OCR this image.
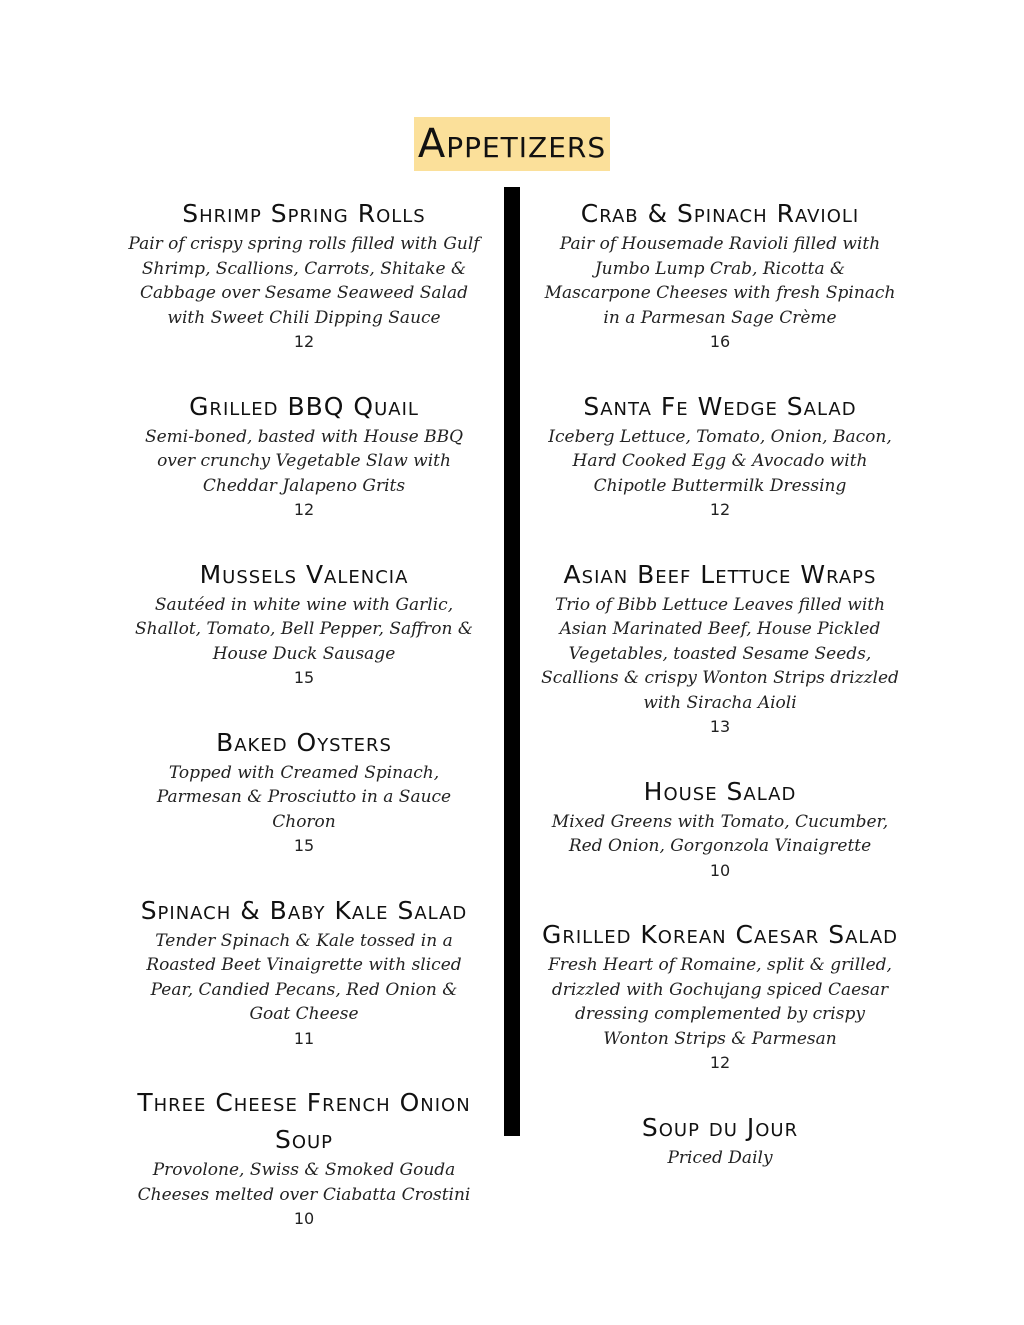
Appetizers
Shrimp Spring Rolls
Pair of crispy spring rolls filled with Gulf Shrimp, Scallions, Carrots, Shitake & Cabbage over Sesame Seaweed Salad with Sweet Chili Dipping Sauce
12
Grilled BBQ Quail
Semi-boned, basted with House BBQ over crunchy Vegetable Slaw with Cheddar Jalapeno Grits
12
Mussels Valencia
Sautéed in white wine with Garlic, Shallot, Tomato, Bell Pepper, Saffron & House Duck Sausage
15
Baked Oysters
Topped with Creamed Spinach, Parmesan & Prosciutto in a Sauce Choron
15
Spinach & Baby Kale Salad
Tender Spinach & Kale tossed in a Roasted Beet Vinaigrette with sliced Pear, Candied Pecans, Red Onion & Goat Cheese
11
Three Cheese French Onion Soup
Provolone, Swiss & Smoked Gouda Cheeses melted over Ciabatta Crostini
10
Crab & Spinach Ravioli
Pair of Housemade Ravioli filled with Jumbo Lump Crab, Ricotta & Mascarpone Cheeses with fresh Spinach in a Parmesan Sage Crème
16
Santa Fe Wedge Salad
Iceberg Lettuce, Tomato, Onion, Bacon, Hard Cooked Egg & Avocado with Chipotle Buttermilk Dressing
12
Asian Beef Lettuce Wraps
Trio of Bibb Lettuce Leaves filled with Asian Marinated Beef, House Pickled Vegetables, toasted Sesame Seeds, Scallions & crispy Wonton Strips drizzled with Siracha Aioli
13
House Salad
Mixed Greens with Tomato, Cucumber, Red Onion, Gorgonzola Vinaigrette
10
Grilled Korean Caesar Salad
Fresh Heart of Romaine, split & grilled, drizzled with Gochujang spiced Caesar dressing complemented by crispy Wonton Strips & Parmesan
12
Soup du Jour
Priced Daily
